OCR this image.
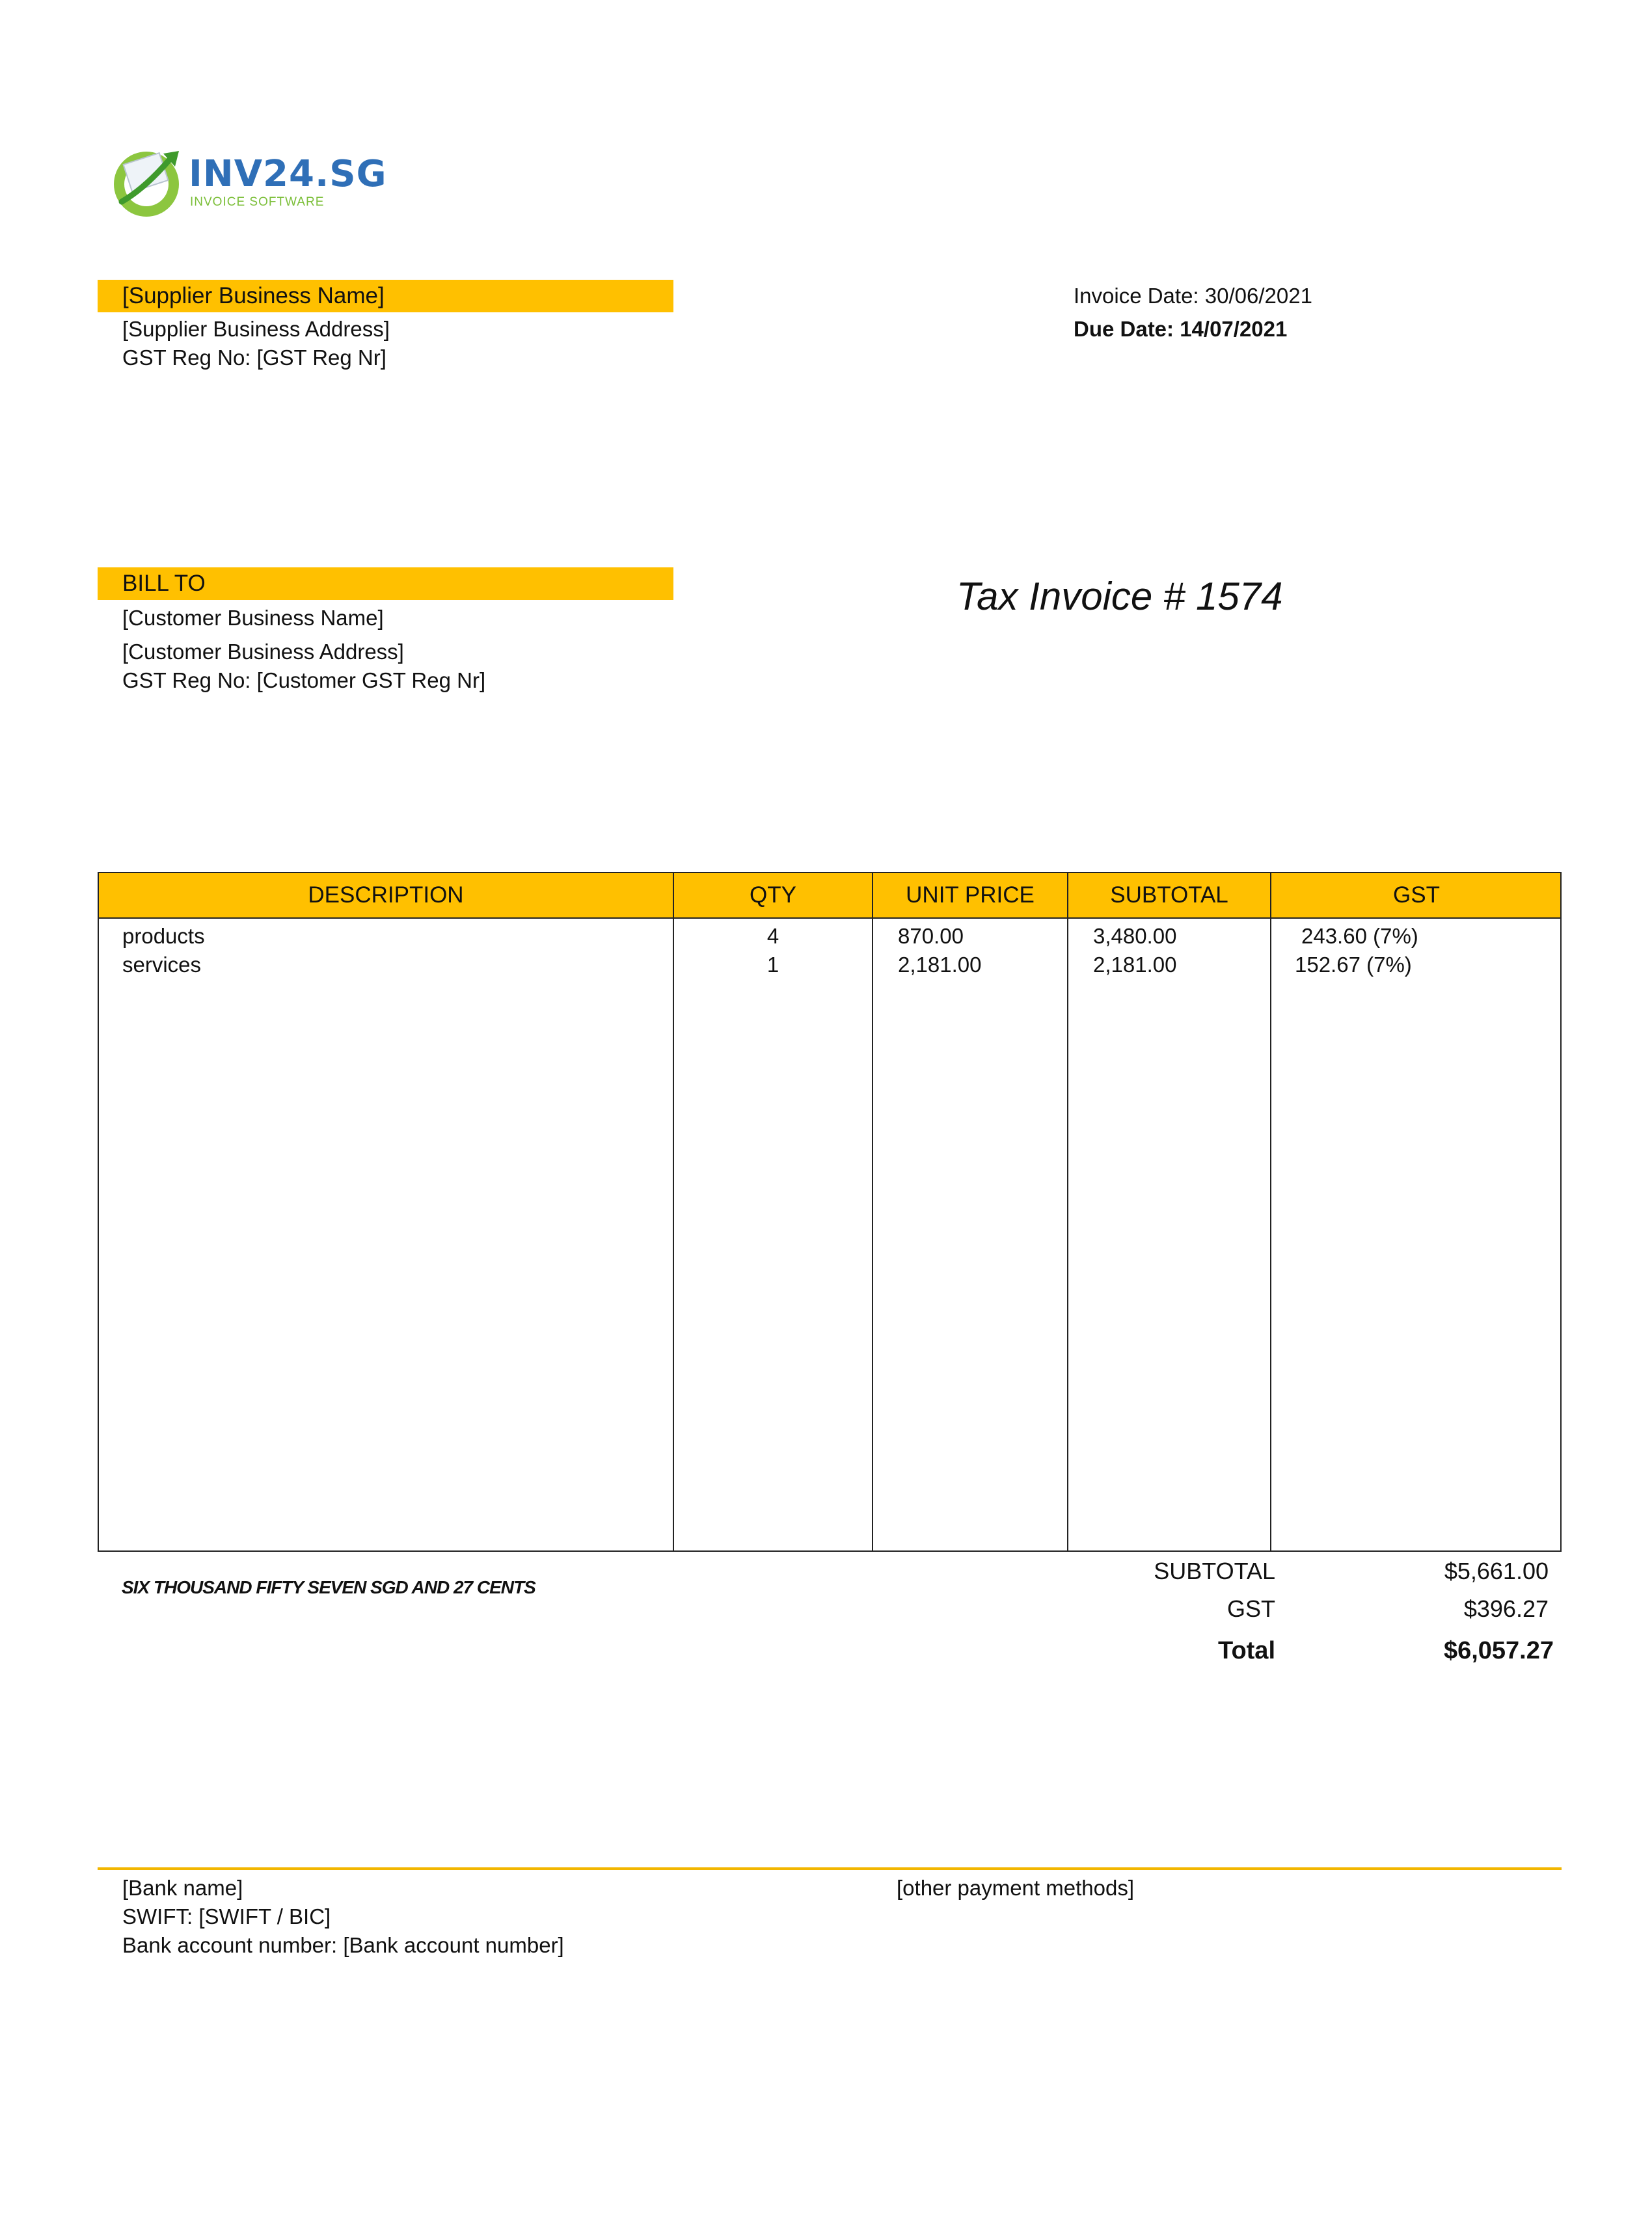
INV24.SG
INVOICE SOFTWARE
[Supplier Business Name]
[Supplier Business Address]
GST Reg No: [GST Reg Nr]
Invoice Date: 30/06/2021
Due Date: 14/07/2021
BILL TO
[Customer Business Name]
[Customer Business Address]
GST Reg No: [Customer GST Reg Nr]
Tax Invoice # 1574
DESCRIPTION	QTY	UNIT PRICE	SUBTOTAL	GST
products	4	870.00	3,480.00	243.60 (7%)
services	1	2,181.00	2,181.00	152.67 (7%)
SIX THOUSAND FIFTY SEVEN SGD AND 27 CENTS
SUBTOTAL	$5,661.00
GST	$396.27
Total	$6,057.27
[Bank name]
SWIFT: [SWIFT / BIC]
Bank account number: [Bank account number]
[other payment methods]
